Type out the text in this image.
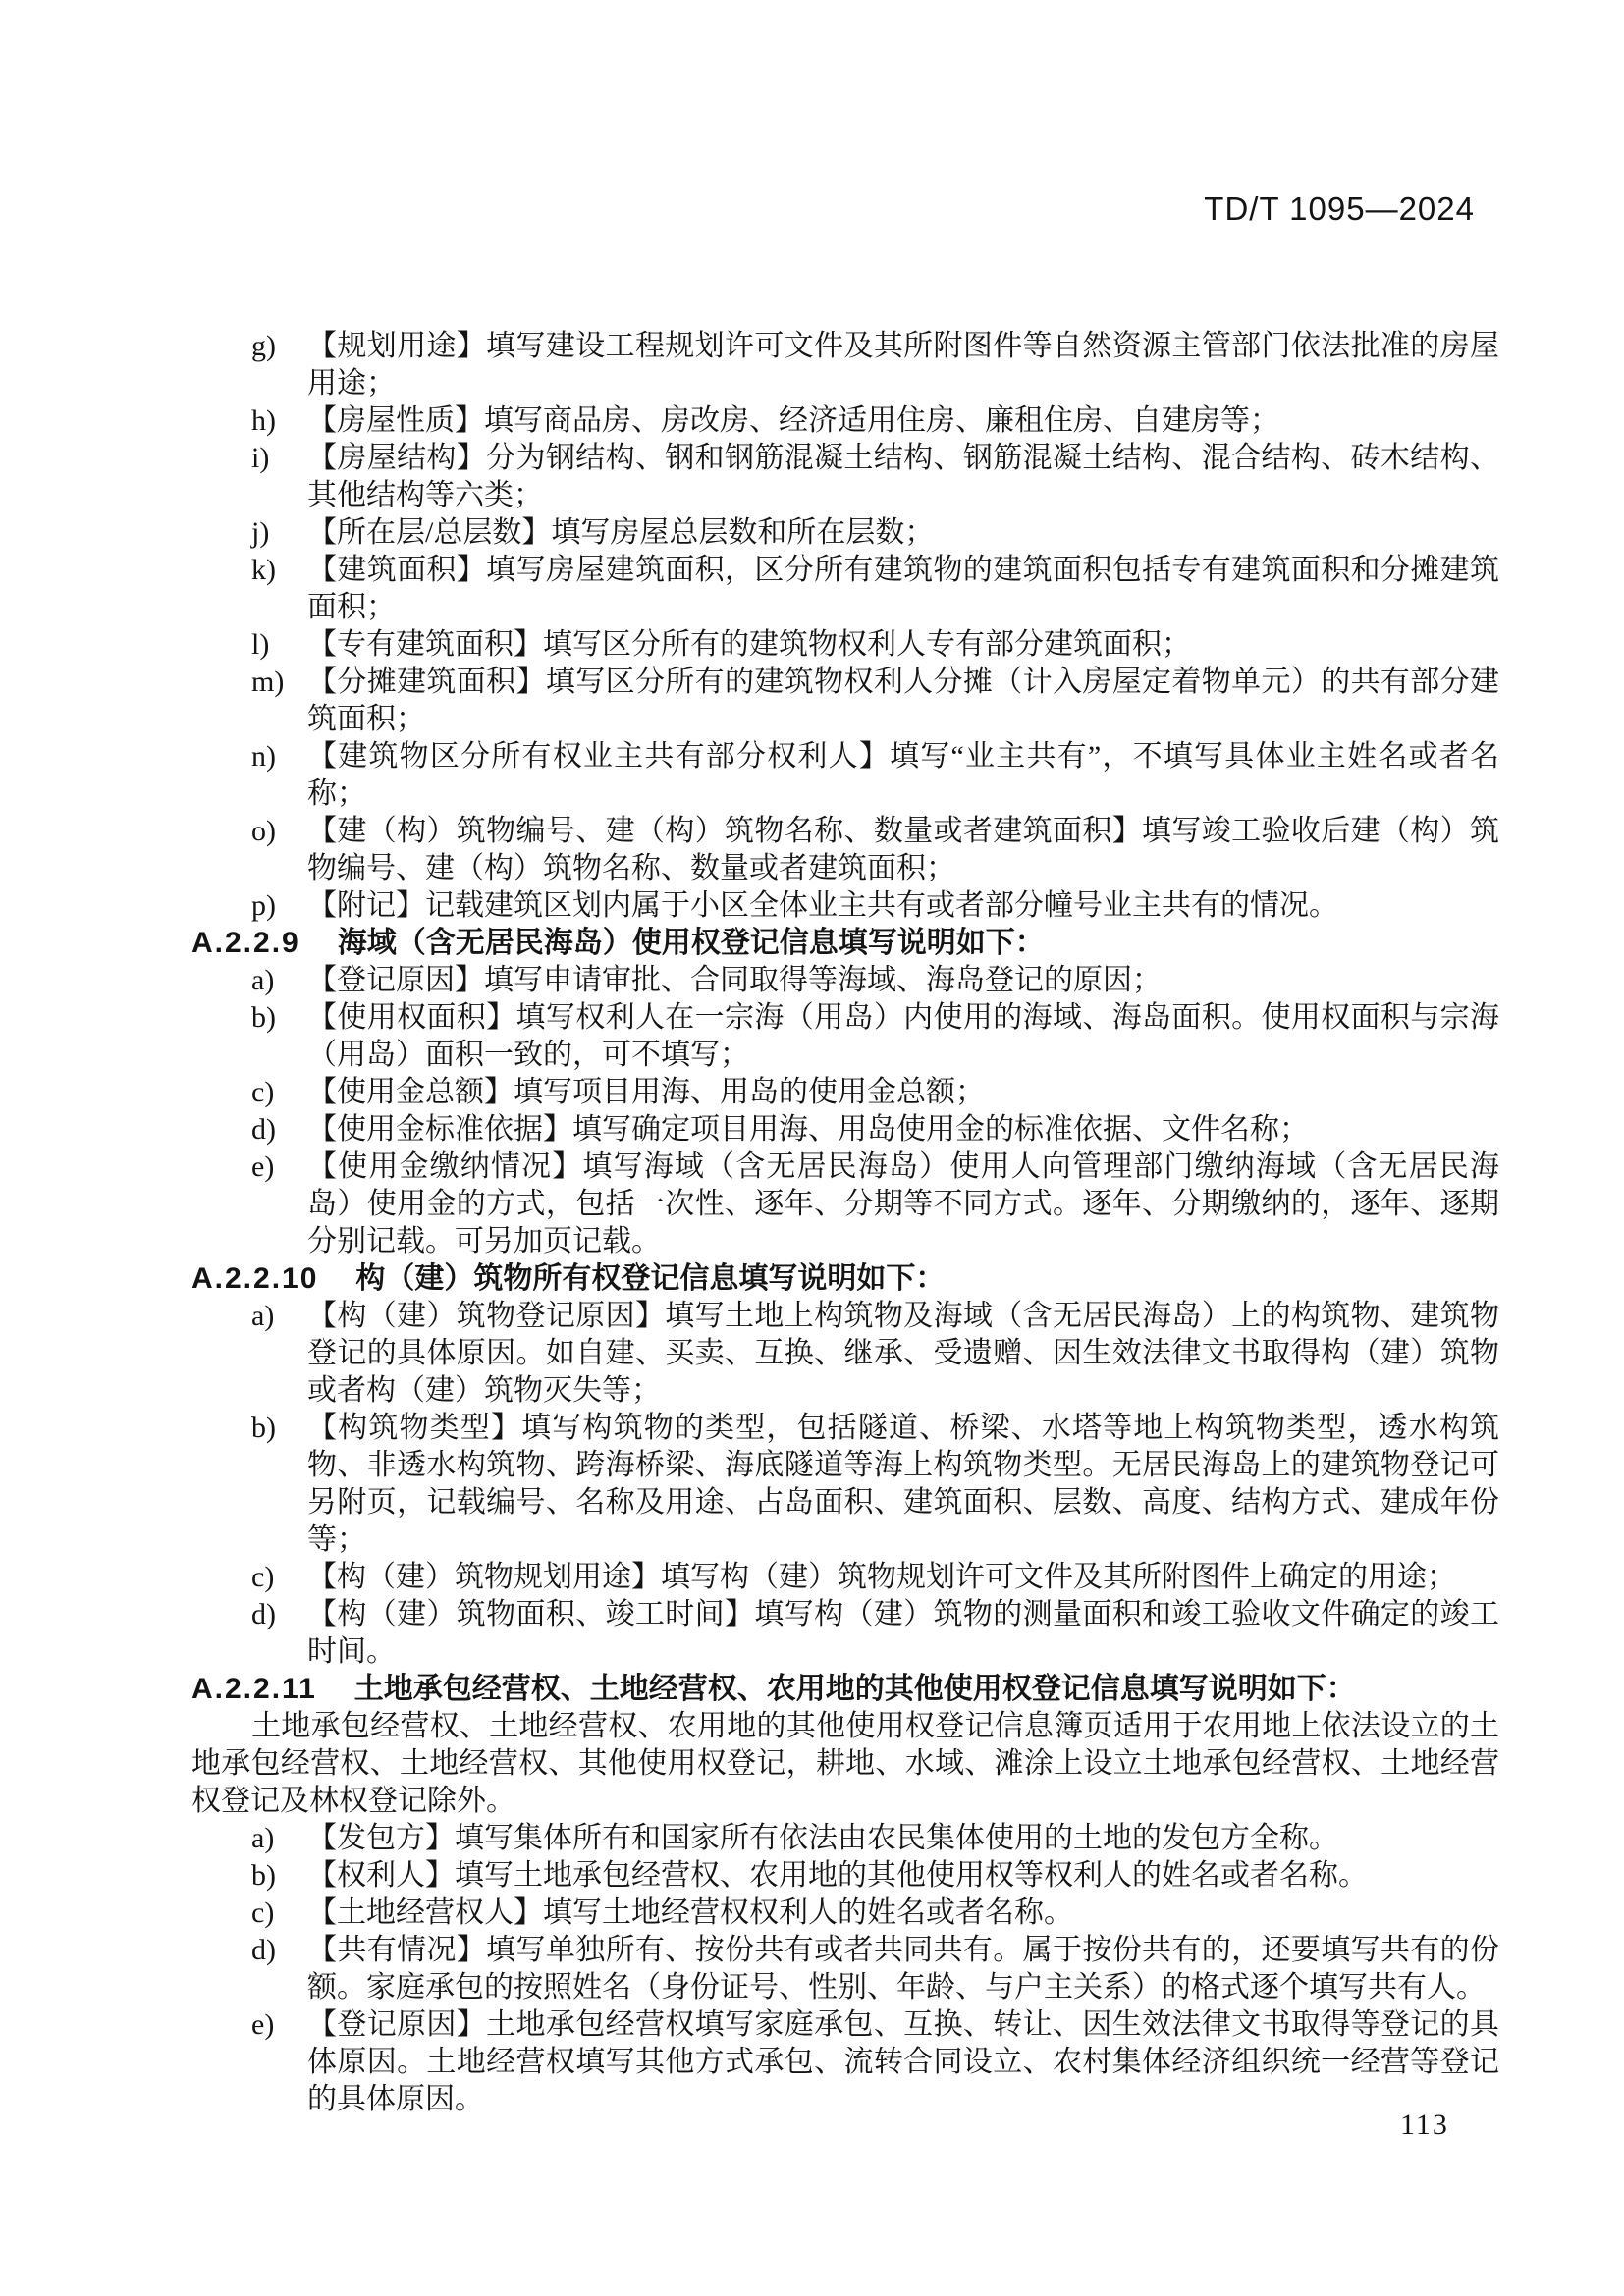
TD/T 1095—2024
g)	【规划用途】填写建设工程规划许可文件及其所附图件等自然资源主管部门依法批准的房屋用途；
h)	【房屋性质】填写商品房、房改房、经济适用住房、廉租住房、自建房等；
i)	【房屋结构】分为钢结构、钢和钢筋混凝土结构、钢筋混凝土结构、混合结构、砖木结构、其他结构等六类；
j)	【所在层/总层数】填写房屋总层数和所在层数；
k)	【建筑面积】填写房屋建筑面积，区分所有建筑物的建筑面积包括专有建筑面积和分摊建筑面积；
l)	【专有建筑面积】填写区分所有的建筑物权利人专有部分建筑面积；
m) 【分摊建筑面积】填写区分所有的建筑物权利人分摊（计入房屋定着物单元）的共有部分建筑面积；
n)	【建筑物区分所有权业主共有部分权利人】填写“业主共有”，不填写具体业主姓名或者名称；
o)	【建（构）筑物编号、建（构）筑物名称、数量或者建筑面积】填写竣工验收后建（构）筑物编号、建（构）筑物名称、数量或者建筑面积；
p)	【附记】记载建筑区划内属于小区全体业主共有或者部分幢号业主共有的情况。
A.2.2.9 海域（含无居民海岛）使用权登记信息填写说明如下：
a)	【登记原因】填写申请审批、合同取得等海域、海岛登记的原因；
b)	【使用权面积】填写权利人在一宗海（用岛）内使用的海域、海岛面积。使用权面积与宗海（用岛）面积一致的，可不填写；
c)	【使用金总额】填写项目用海、用岛的使用金总额；
d)	【使用金标准依据】填写确定项目用海、用岛使用金的标准依据、文件名称；
e)	【使用金缴纳情况】填写海域（含无居民海岛）使用人向管理部门缴纳海域（含无居民海岛）使用金的方式，包括一次性、逐年、分期等不同方式。逐年、分期缴纳的，逐年、逐期分别记载。可另加页记载。
A.2.2.10 构（建）筑物所有权登记信息填写说明如下：
a)	【构（建）筑物登记原因】填写土地上构筑物及海域（含无居民海岛）上的构筑物、建筑物登记的具体原因。如自建、买卖、互换、继承、受遗赠、因生效法律文书取得构（建）筑物或者构（建）筑物灭失等；
b)	【构筑物类型】填写构筑物的类型，包括隧道、桥梁、水塔等地上构筑物类型，透水构筑物、非透水构筑物、跨海桥梁、海底隧道等海上构筑物类型。无居民海岛上的建筑物登记可另附页，记载编号、名称及用途、占岛面积、建筑面积、层数、高度、结构方式、建成年份等；
c)	【构（建）筑物规划用途】填写构（建）筑物规划许可文件及其所附图件上确定的用途；
d)	【构（建）筑物面积、竣工时间】填写构（建）筑物的测量面积和竣工验收文件确定的竣工时间。
A.2.2.11 土地承包经营权、土地经营权、农用地的其他使用权登记信息填写说明如下：
土地承包经营权、土地经营权、农用地的其他使用权登记信息簿页适用于农用地上依法设立的土地承包经营权、土地经营权、其他使用权登记，耕地、水域、滩涂上设立土地承包经营权、土地经营权登记及林权登记除外。
a)	【发包方】填写集体所有和国家所有依法由农民集体使用的土地的发包方全称。
b)	【权利人】填写土地承包经营权、农用地的其他使用权等权利人的姓名或者名称。
c)	【土地经营权人】填写土地经营权权利人的姓名或者名称。
d)	【共有情况】填写单独所有、按份共有或者共同共有。属于按份共有的，还要填写共有的份额。家庭承包的按照姓名（身份证号、性别、年龄、与户主关系）的格式逐个填写共有人。
e)	【登记原因】土地承包经营权填写家庭承包、互换、转让、因生效法律文书取得等登记的具体原因。土地经营权填写其他方式承包、流转合同设立、农村集体经济组织统一经营等登记的具体原因。
113
